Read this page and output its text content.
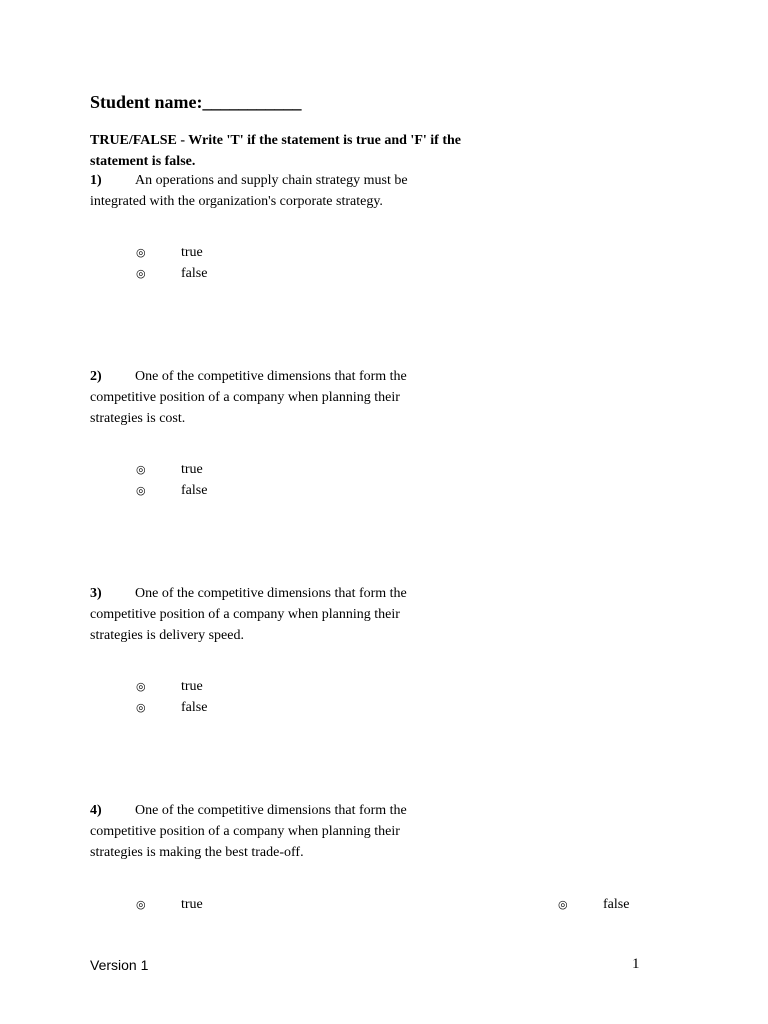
Student name:___________
TRUE/FALSE - Write 'T' if the statement is true and 'F' if the statement is false.
1) An operations and supply chain strategy must be integrated with the organization's corporate strategy.
◎	true
◎	false
2) One of the competitive dimensions that form the competitive position of a company when planning their strategies is cost.
◎	true
◎	false
3) One of the competitive dimensions that form the competitive position of a company when planning their strategies is delivery speed.
◎	true
◎	false
4) One of the competitive dimensions that form the competitive position of a company when planning their strategies is making the best trade-off.
◎	true	◎	false
Version 1	1
